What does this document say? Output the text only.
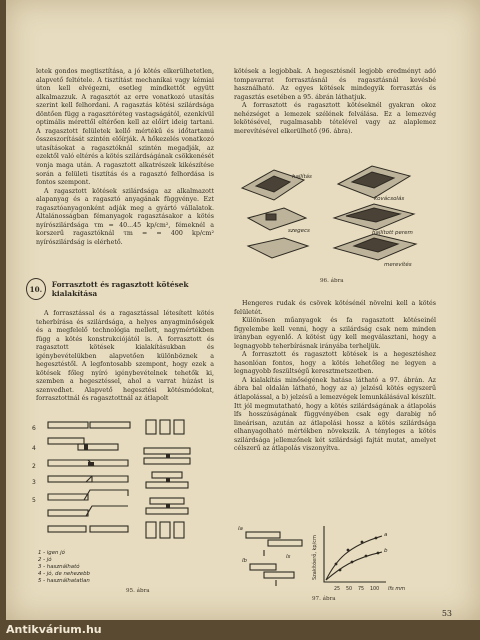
letek gondos megtisztítása, a jó kötés elkerülhetetlen, alapvető feltétele. A tisztítást mechanikai vagy kémiai úton kell elvégezni, esetleg mindkettőt együtt alkalmazzuk. A ragasztót az erre vonatkozó utasítás szerint kell felhordani. A ragasztás kötési szilárdsága döntően függ a ragasztóréteg vastagságától, ezenkívül optimális mérettől eltérően kell az előírt ideig tartani. A ragasztott felületek kellő mértékű és időtartamú összeszorítását szintén előírják. A hőkezelés vonatkozó utasításokat a ragasztóknál szintén megadják, az ezektől való eltérés a kötés szilárdságának csökkenését vonja maga után. A ragasztott alkatrészek kikészítése során a felületi tisztítás és a ragasztó felhordása is fontos szempont.

A ragasztott kötések szilárdsága az alkalmazott alapanyag és a ragasztó anyagának függvénye. Ezt ragasztóanyagonként adják meg a gyártó vállalatok. Általánosságban fémanyagok ragasztásakor a kötés nyírószilárdsága τm = 40...45 kp/cm², fémeknél a korszerű ragasztóknál τm = = 400 kp/cm² nyírószilárdság is elérhető.

10.	Forrasztott és ragasztott kötések kialakítása

A forrasztással és a ragasztással létesített kötés teherbírása és szilárdsága, a helyes anyagminőségek és a megfelelő technológia mellett, nagymértékben függ a kötés konstrukciójától is. A forrasztott és ragasztott kötések kialakításukban és igénybevételükben alapvetően különböznek a hegesztéstől. A legfontosabb szempont, hogy ezek a kötések főleg nyíró igénybevételnek tehetők ki, szemben a hegesztéssel, ahol a varrat húzást is szenvedhet. Alapvető hegesztési kötésmódokat, forrasztottnál és ragasztottnál az átlapolt

kötések a legjobbak. A hegesztésnél legjobb eredményt adó tompavarrat forrasztásnál és ragasztásnál kevésbé használható. Az egyes kötések mindegyik forrasztás és ragasztás esetében a 95. ábrán láthatjuk.

A forrasztott és ragasztott kötéseknél gyakran okoz nehézséget a lemezek szélének felválása. Ez a lemezvég lekötésével, rugalmasabb tételével vagy az alaplemez merevítésével elkerülhető (96. ábra).

hajlítás
kovácsolás
szegecs	hajlított perem
merevítés
96. ábra

Hengeres rudak és csövek kötésénél növelni kell a kötés felületét.

Különösen műanyagok és fa ragasztott kötéseinél figyelembe kell venni, hogy a szilárdság csak nem minden irányban egyenlő. A kötést úgy kell megválasztani, hogy a legnagyobb teherbírásnak irányába terheljük.

A forrasztott és ragasztott kötések is a hegesztéshez hasonlóan fontos, hogy a kötés lehetőleg ne legyen a legnagyobb feszültségű keresztmetszetben.

A kialakítás minőségének hatása látható a 97. ábrán. Az ábra bal oldalán látható, hogy az a) jelzésű kötés egyszerű átlapolással, a b) jelzésű a lemezvégek lemunkálásával készült. Itt jól megmutatható, hogy a kötés szilárdságának a átlapolás lfs hosszúságának függvényében csak egy darabig nő lineárisan, azután az átlapolási hossz a kötés szilárdsága elhanyagolható mértékben növekszik. A tényleges a kötés szilárdsága jellemzőnek két szilárdsági fajtát mutat, amelyet célszerű az átlapolás viszonyítva.

6
4
2
3
5
1 - igen jó
2 - jó
3 - használható
4 - jó, de nehezebb
5 - használhatatlan
95. ábra
la
lb
ls
a
b
Szakítóerő, kp/cm
25 50 75 100 lfs mm
97. ábra
53
Antikvárium.hu
